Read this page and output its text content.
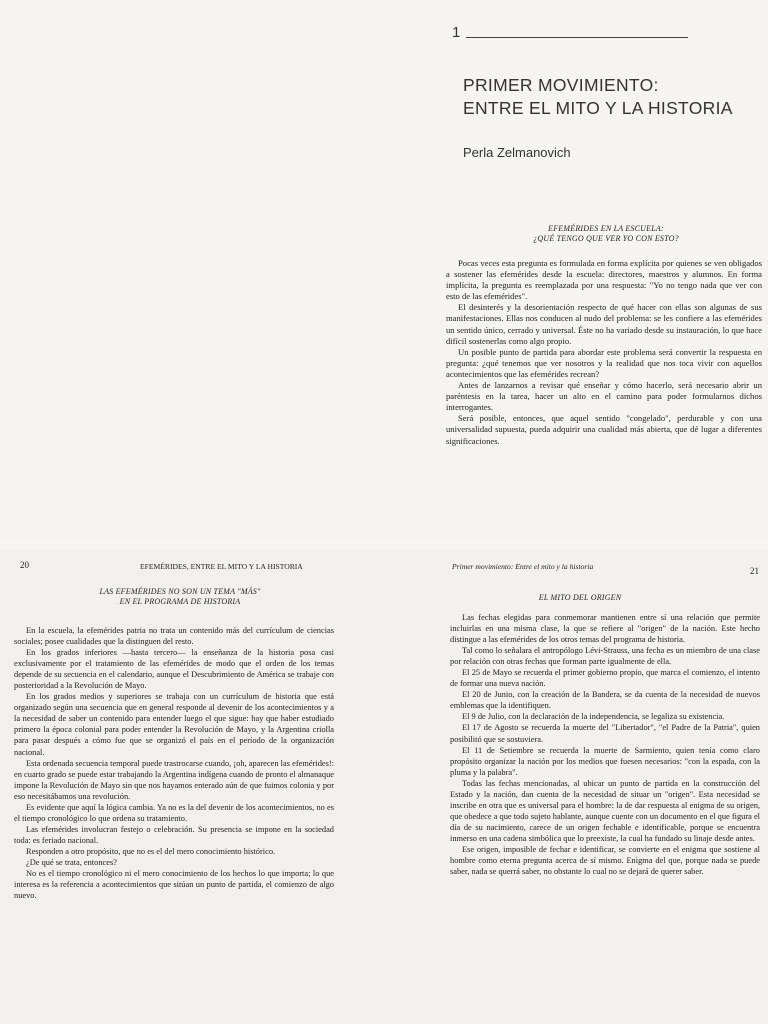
1
PRIMER MOVIMIENTO:
ENTRE EL MITO Y LA HISTORIA
Perla Zelmanovich
EFEMÉRIDES EN LA ESCUELA:
¿QUÉ TENGO QUE VER YO CON ESTO?

Pocas veces esta pregunta es formulada en forma explícita por quienes se ven obligados a sostener las efemérides desde la escuela: directores, maestros y alumnos. En forma implícita, la pregunta es reemplazada por una respuesta: "Yo no tengo nada que ver con esto de las efemérides".

El desinterés y la desorientación respecto de qué hacer con ellas son algunas de sus manifestaciones. Ellas nos conducen al nudo del problema: se les confiere a las efemérides un sentido único, cerrado y universal. Éste no ha variado desde su instauración, lo que hace difícil sostenerlas como algo propio.

Un posible punto de partida para abordar este problema será convertir la respuesta en pregunta: ¿qué tenemos que ver nosotros y la realidad que nos toca vivir con aquellos acontecimientos que las efemérides recrean?

Antes de lanzarnos a revisar qué enseñar y cómo hacerlo, será necesario abrir un paréntesis en la tarea, hacer un alto en el camino para poder formularnos dichos interrogantes.

Será posible, entonces, que aquel sentido "congelado", perdurable y con una universalidad supuesta, pueda adquirir una cualidad más abierta, que dé lugar a diferentes significaciones.

20	EFEMÉRIDES, ENTRE EL MITO Y LA HISTORIA
LAS EFEMÉRIDES NO SON UN TEMA "MÁS"
EN EL PROGRAMA DE HISTORIA

En la escuela, la efemérides patria no trata un contenido más del currículum de ciencias sociales; posee cualidades que la distinguen del resto.

En los grados inferiores —hasta tercero— la enseñanza de la historia posa casi exclusivamente por el tratamiento de las efemérides de modo que el orden de los temas depende de su secuencia en el calendario, aunque el Descubrimiento de América se trabaje con posterioridad a la Revolución de Mayo.

En los grados medios y superiores se trabaja con un currículum de historia que está organizado según una secuencia que en general responde al devenir de los acontecimientos y a la necesidad de saber un contenido para entender luego el que sigue: hay que haber estudiado primero la época colonial para poder entender la Revolución de Mayo, y la Argentina criolla para pasar después a cómo fue que se organizó el país en el período de la organización nacional.

Esta ordenada secuencia temporal puede trastrocarse cuando, ¡oh, aparecen las efemérides!: en cuarto grado se puede estar trabajando la Argentina indígena cuando de pronto el almanaque impone la Revolución de Mayo sin que nos hayamos enterado aún de que fuimos colonia y por eso necesitábamos una revolución.

Es evidente que aquí la lógica cambia. Ya no es la del devenir de los acontecimientos, no es el tiempo cronológico lo que ordena su tratamiento.

Las efemérides involucran festejo o celebración. Su presencia se impone en la sociedad toda: es feriado nacional.

Responden a otro propósito, que no es el del mero conocimiento histórico.

¿De qué se trata, entonces?

No es el tiempo cronológico ni el mero conocimiento de los hechos lo que importa; lo que interesa es la referencia a acontecimientos que sitúan un punto de partida, el comienzo de algo nuevo.

Primer movimiento: Entre el mito y la historia	21
EL MITO DEL ORIGEN

Las fechas elegidas para conmemorar mantienen entre sí una relación que permite incluirlas en una misma clase, la que se refiere al "origen" de la nación. Este hecho distingue a las efemérides de los otros temas del programa de historia.

Tal como lo señalara el antropólogo Lévi-Strauss, una fecha es un miembro de una clase por relación con otras fechas que forman parte igualmente de ella.

El 25 de Mayo se recuerda el primer gobierno propio, que marca el comienzo, el intento de formar una nueva nación.

El 20 de Junio, con la creación de la Bandera, se da cuenta de la necesidad de nuevos emblemas que la identifiquen.

El 9 de Julio, con la declaración de la independencia, se legaliza su existencia.

El 17 de Agosto se recuerda la muerte del "Libertador", "el Padre de la Patria", quien posibilitó que se sostuviera.

El 11 de Setiembre se recuerda la muerte de Sarmiento, quien tenía como claro propósito organizar la nación por los medios que fuesen necesarios: "con la espada, con la pluma y la palabra".

Todas las fechas mencionadas, al ubicar un punto de partida en la construcción del Estado y la nación, dan cuenta de la necesidad de situar un "origen". Esta necesidad se inscribe en otra que es universal para el hombre: la de dar respuesta al enigma de su origen, que obedece a que todo sujeto hablante, aunque cuente con un documento en el que figura el día de su nacimiento, carece de un origen fechable e identificable, porque se encuentra inmerso en una cadena simbólica que lo preexiste, la cual ha fundado su linaje desde antes.

Ese origen, imposible de fechar e identificar, se convierte en el enigma que sostiene al hombre como eterna pregunta acerca de sí mismo. Enigma del que, porque nada se puede saber, nada se querrá saber, no obstante lo cual no se dejará de querer saber.
